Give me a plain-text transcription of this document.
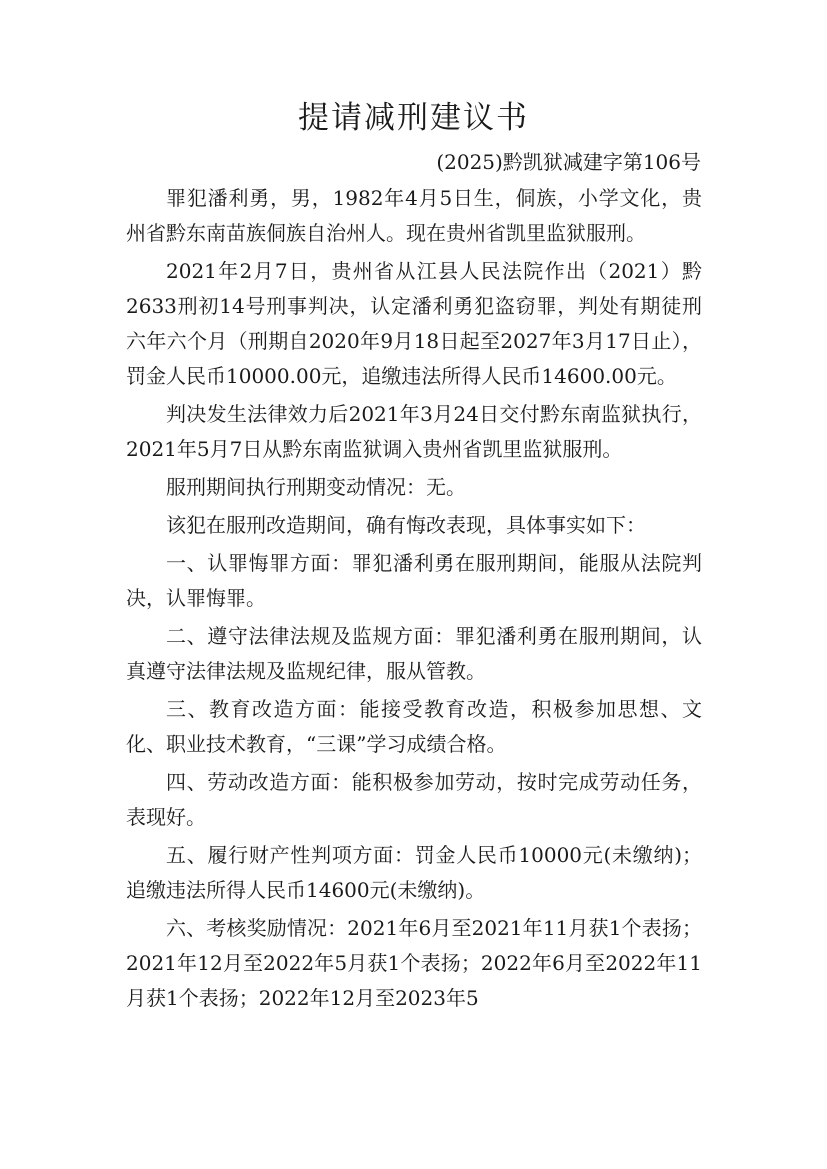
提请减刑建议书
(2025)黔凯狱减建字第106号

罪犯潘利勇，男，1982年4月5日生，侗族，小学文化，贵州省黔东南苗族侗族自治州人。现在贵州省凯里监狱服刑。

2021年2月7日，贵州省从江县人民法院作出（2021）黔2633刑初14号刑事判决，认定潘利勇犯盗窃罪，判处有期徒刑六年六个月（刑期自2020年9月18日起至2027年3月17日止），罚金人民币10000.00元，追缴违法所得人民币14600.00元。

判决发生法律效力后2021年3月24日交付黔东南监狱执行，2021年5月7日从黔东南监狱调入贵州省凯里监狱服刑。

服刑期间执行刑期变动情况：无。

该犯在服刑改造期间，确有悔改表现，具体事实如下：

一、认罪悔罪方面：罪犯潘利勇在服刑期间，能服从法院判决，认罪悔罪。

二、遵守法律法规及监规方面：罪犯潘利勇在服刑期间，认真遵守法律法规及监规纪律，服从管教。

三、教育改造方面：能接受教育改造，积极参加思想、文化、职业技术教育，“三课”学习成绩合格。

四、劳动改造方面：能积极参加劳动，按时完成劳动任务，表现好。

五、履行财产性判项方面：罚金人民币10000元(未缴纳)；追缴违法所得人民币14600元(未缴纳)。

六、考核奖励情况：2021年6月至2021年11月获1个表扬；2021年12月至2022年5月获1个表扬；2022年6月至2022年11月获1个表扬；2022年12月至2023年5
